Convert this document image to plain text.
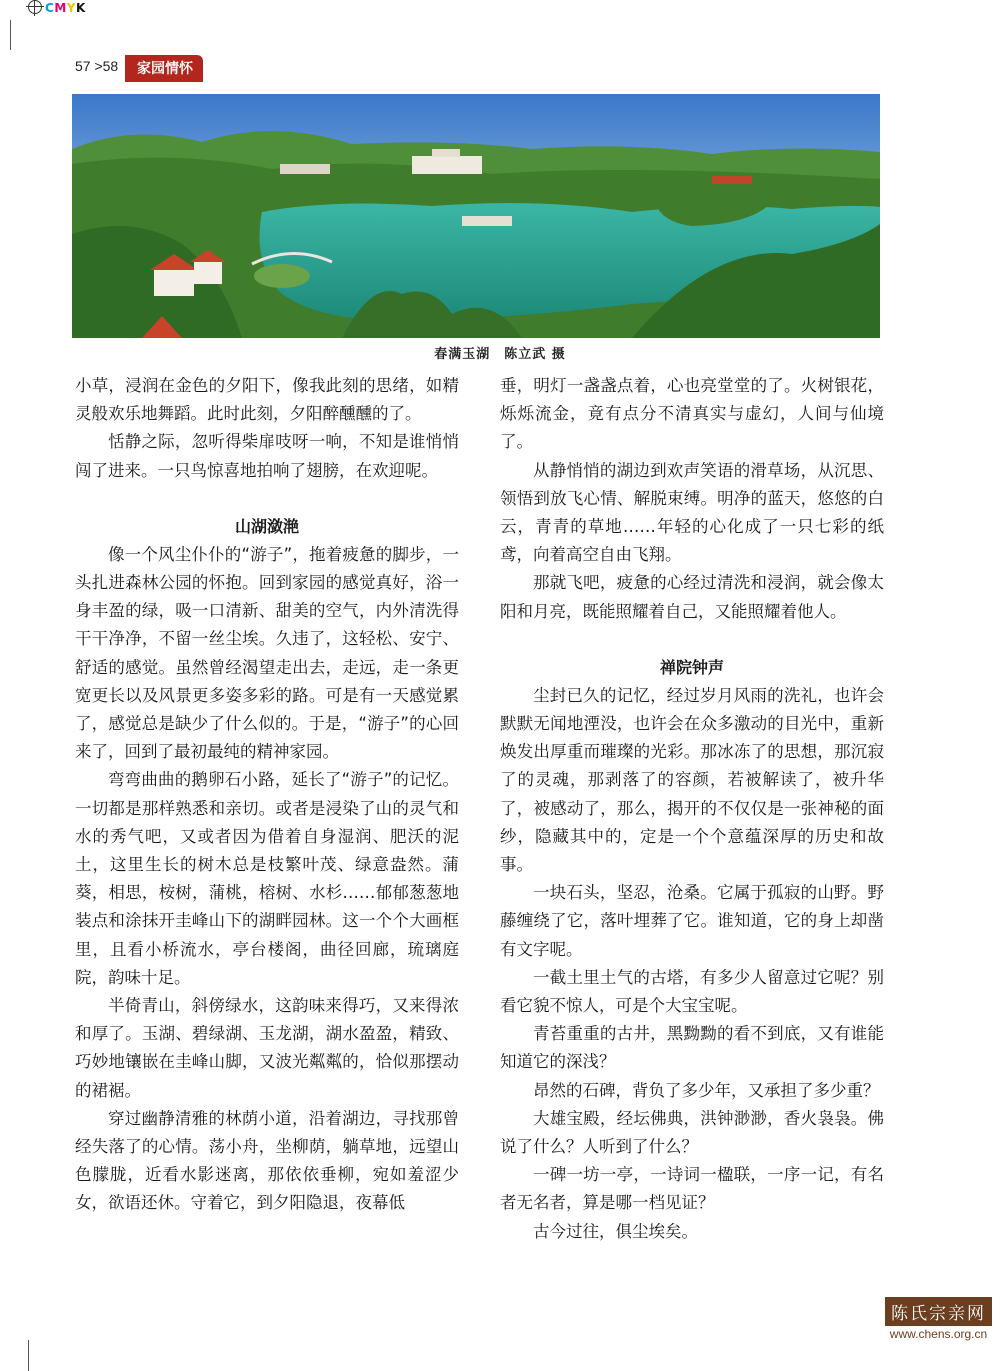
CMYK
57 >58	家园情怀
春满玉湖　陈立武 摄

小草，浸润在金色的夕阳下，像我此刻的思绪，如精灵般欢乐地舞蹈。此时此刻，夕阳醉醺醺的了。

恬静之际，忽听得柴扉吱呀一响，不知是谁悄悄闯了进来。一只鸟惊喜地拍响了翅膀，在欢迎呢。

山湖潋滟

像一个风尘仆仆的“游子”，拖着疲惫的脚步，一头扎进森林公园的怀抱。回到家园的感觉真好，浴一身丰盈的绿，吸一口清新、甜美的空气，内外清洗得干干净净，不留一丝尘埃。久违了，这轻松、安宁、舒适的感觉。虽然曾经渴望走出去，走远，走一条更宽更长以及风景更多姿多彩的路。可是有一天感觉累了，感觉总是缺少了什么似的。于是，“游子”的心回来了，回到了最初最纯的精神家园。

弯弯曲曲的鹅卵石小路，延长了“游子”的记忆。一切都是那样熟悉和亲切。或者是浸染了山的灵气和水的秀气吧，又或者因为借着自身湿润、肥沃的泥土，这里生长的树木总是枝繁叶茂、绿意盎然。蒲葵，相思，桉树，蒲桃，榕树、水杉……郁郁葱葱地装点和涂抹开圭峰山下的湖畔园林。这一个个大画框里，且看小桥流水，亭台楼阁，曲径回廊，琉璃庭院，韵味十足。

半倚青山，斜傍绿水，这韵味来得巧，又来得浓和厚了。玉湖、碧绿湖、玉龙湖，湖水盈盈，精致、巧妙地镶嵌在圭峰山脚，又波光粼粼的，恰似那摆动的裙裾。

穿过幽静清雅的林荫小道，沿着湖边，寻找那曾经失落了的心情。荡小舟，坐柳荫，躺草地，远望山色朦胧，近看水影迷离，那依依垂柳，宛如羞涩少女，欲语还休。守着它，到夕阳隐退，夜幕低

垂，明灯一盏盏点着，心也亮堂堂的了。火树银花，烁烁流金，竟有点分不清真实与虚幻，人间与仙境了。

从静悄悄的湖边到欢声笑语的滑草场，从沉思、领悟到放飞心情、解脱束缚。明净的蓝天，悠悠的白云，青青的草地……年轻的心化成了一只七彩的纸鸢，向着高空自由飞翔。

那就飞吧，疲惫的心经过清洗和浸润，就会像太阳和月亮，既能照耀着自己，又能照耀着他人。

禅院钟声

尘封已久的记忆，经过岁月风雨的洗礼，也许会默默无闻地湮没，也许会在众多激动的目光中，重新焕发出厚重而璀璨的光彩。那冰冻了的思想，那沉寂了的灵魂，那剥落了的容颜，若被解读了，被升华了，被感动了，那么，揭开的不仅仅是一张神秘的面纱，隐藏其中的，定是一个个意蕴深厚的历史和故事。

一块石头，坚忍，沧桑。它属于孤寂的山野。野藤缠绕了它，落叶埋葬了它。谁知道，它的身上却凿有文字呢。

一截土里土气的古塔，有多少人留意过它呢？别看它貌不惊人，可是个大宝宝呢。

青苔重重的古井，黑黝黝的看不到底，又有谁能知道它的深浅？

昂然的石碑，背负了多少年，又承担了多少重？

大雄宝殿，经坛佛典，洪钟渺渺，香火袅袅。佛说了什么？人听到了什么？

一碑一坊一亭，一诗词一楹联，一序一记，有名者无名者，算是哪一档见证？

古今过往，俱尘埃矣。

陈氏宗亲网
www.chens.org.cn
